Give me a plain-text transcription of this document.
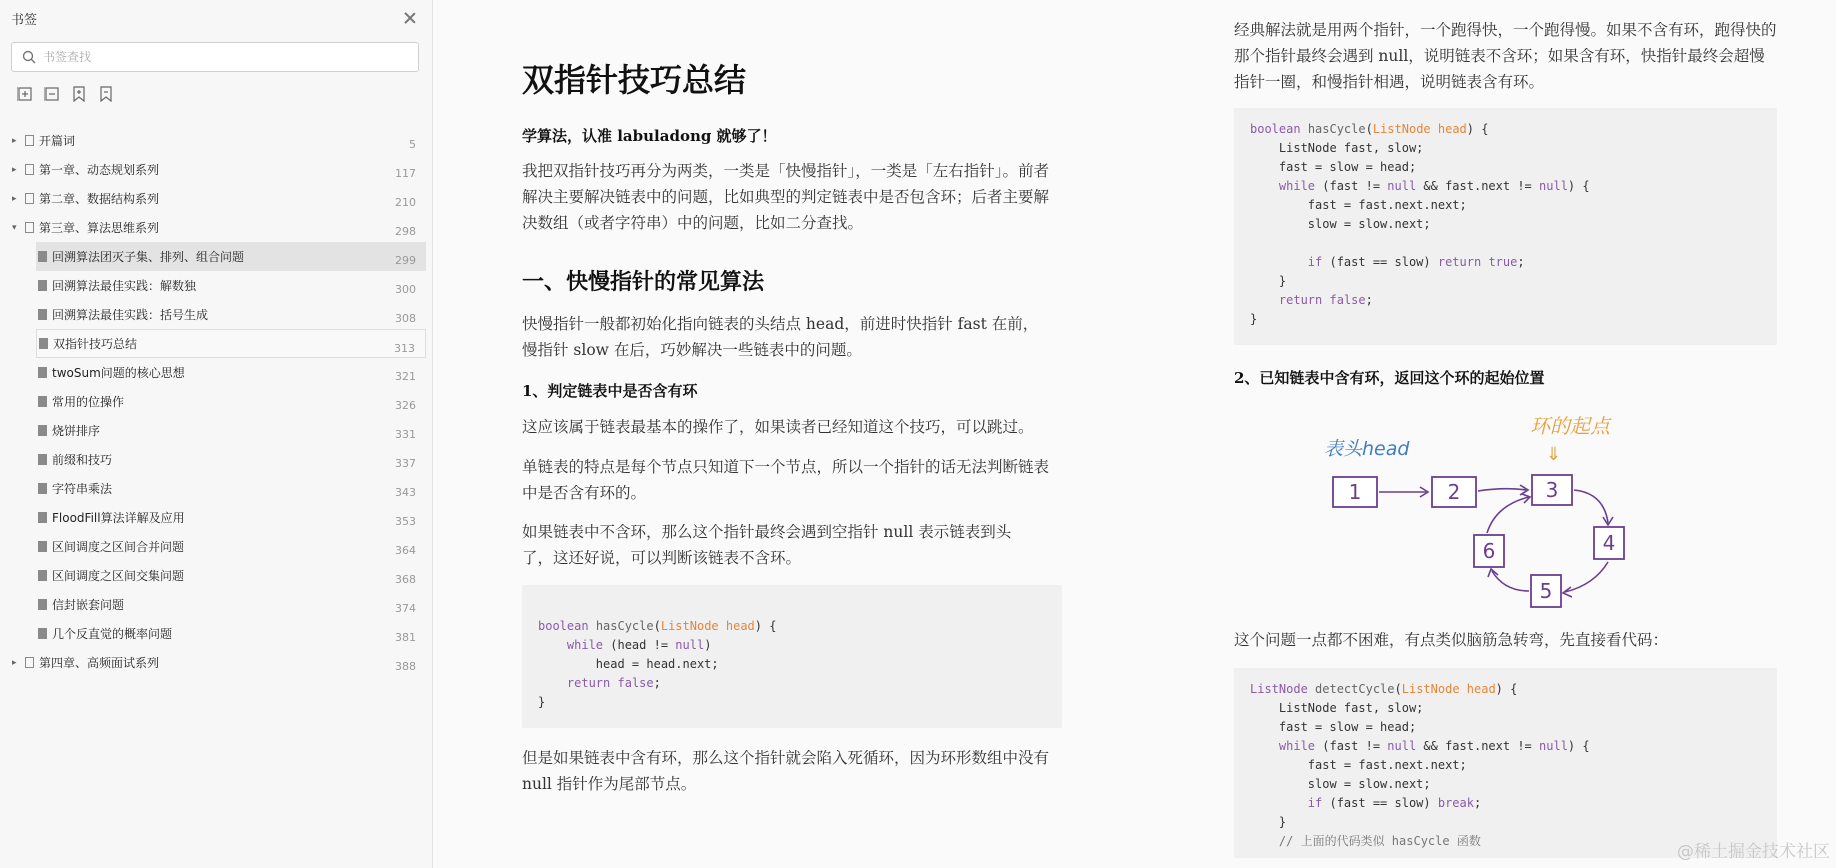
书签
书签查找
▸	开篇词	5
▸	第一章、动态规划系列	117
▸	第二章、数据结构系列	210
▾	第三章、算法思维系列	298
回溯算法团灭子集、排列、组合问题	299
回溯算法最佳实践：解数独	300
回溯算法最佳实践：括号生成	308
双指针技巧总结	313
twoSum问题的核心思想	321
常用的位操作	326
烧饼排序	331
前缀和技巧	337
字符串乘法	343
FloodFill算法详解及应用	353
区间调度之区间合并问题	364
区间调度之区间交集问题	368
信封嵌套问题	374
几个反直觉的概率问题	381
▸	第四章、高频面试系列	388
双指针技巧总结
学算法，认准 labuladong 就够了！
我把双指针技巧再分为两类，一类是「快慢指针」，一类是「左右指针」。前者解决主要解决链表中的问题，比如典型的判定链表中是否包含环；后者主要解决数组（或者字符串）中的问题，比如二分查找。
一、快慢指针的常见算法
快慢指针一般都初始化指向链表的头结点 head，前进时快指针 fast 在前，慢指针 slow 在后，巧妙解决一些链表中的问题。
1、判定链表中是否含有环
这应该属于链表最基本的操作了，如果读者已经知道这个技巧，可以跳过。
单链表的特点是每个节点只知道下一个节点，所以一个指针的话无法判断链表中是否含有环的。
如果链表中不含环，那么这个指针最终会遇到空指针 null 表示链表到头了，这还好说，可以判断该链表不含环。
boolean hasCycle(ListNode head) {
while (head != null)
head = head.next;
return false;
}
但是如果链表中含有环，那么这个指针就会陷入死循环，因为环形数组中没有 null 指针作为尾部节点。
经典解法就是用两个指针，一个跑得快，一个跑得慢。如果不含有环，跑得快的那个指针最终会遇到 null，说明链表不含环；如果含有环，快指针最终会超慢指针一圈，和慢指针相遇，说明链表含有环。
boolean hasCycle(ListNode head) {
ListNode fast, slow;
fast = slow = head;
while (fast != null && fast.next != null) {
fast = fast.next.next;
slow = slow.next;

if (fast == slow) return true;
}
return false;
}
2、已知链表中含有环，返回这个环的起始位置
表头head
环的起点
⇓
1	2	3
4
5
6
这个问题一点都不困难，有点类似脑筋急转弯，先直接看代码：
ListNode detectCycle(ListNode head) {
ListNode fast, slow;
fast = slow = head;
while (fast != null && fast.next != null) {
fast = fast.next.next;
slow = slow.next;
if (fast == slow) break;
}
// 上面的代码类似 hasCycle 函数
@稀土掘金技术社区
